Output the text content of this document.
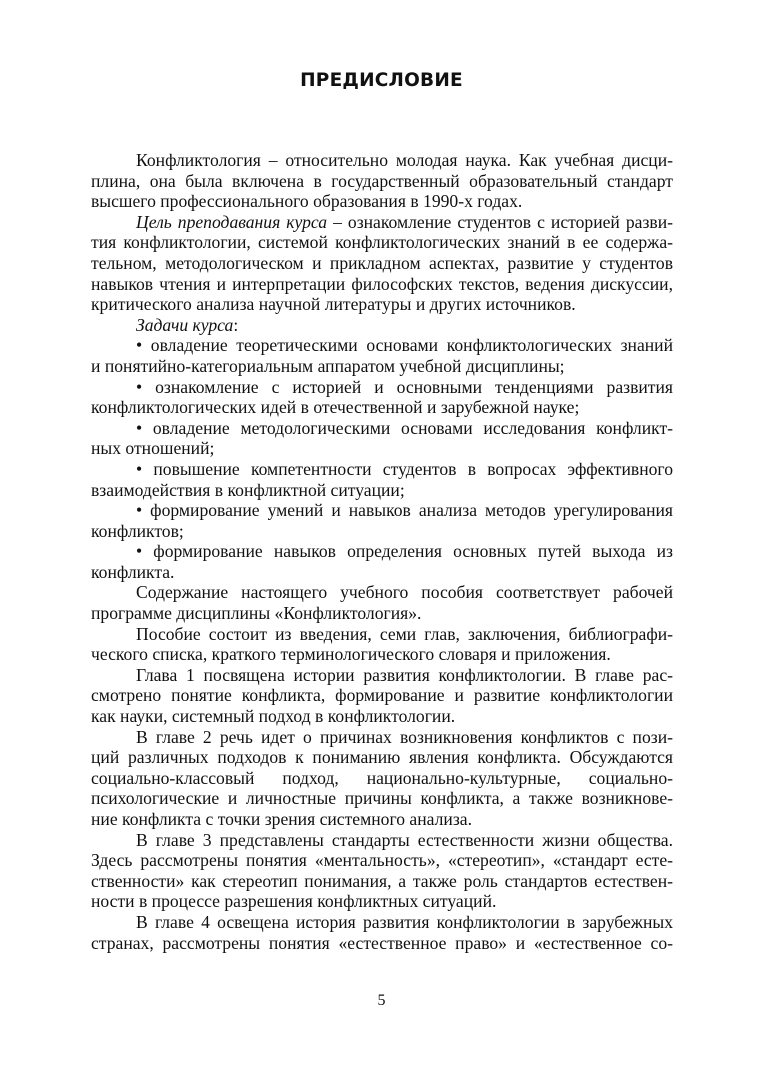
ПРЕДИСЛОВИЕ
Конфликтология – относительно молодая наука. Как учебная дисци-
плина, она была включена в государственный образовательный стандарт
высшего профессионального образования в 1990-х годах.
Цель преподавания курса – ознакомление студентов с историей разви-
тия конфликтологии, системой конфликтологических знаний в ее содержа-
тельном, методологическом и прикладном аспектах, развитие у студентов
навыков чтения и интерпретации философских текстов, ведения дискуссии,
критического анализа научной литературы и других источников.
Задачи курса:
• овладение теоретическими основами конфликтологических знаний
и понятийно-категориальным аппаратом учебной дисциплины;
• ознакомление с историей и основными тенденциями развития
конфликтологических идей в отечественной и зарубежной науке;
• овладение методологическими основами исследования конфликт-
ных отношений;
• повышение компетентности студентов в вопросах эффективного
взаимодействия в конфликтной ситуации;
• формирование умений и навыков анализа методов урегулирования
конфликтов;
• формирование навыков определения основных путей выхода из
конфликта.
Содержание настоящего учебного пособия соответствует рабочей
программе дисциплины «Конфликтология».
Пособие состоит из введения, семи глав, заключения, библиографи-
ческого списка, краткого терминологического словаря и приложения.
Глава 1 посвящена истории развития конфликтологии. В главе рас-
смотрено понятие конфликта, формирование и развитие конфликтологии
как науки, системный подход в конфликтологии.
В главе 2 речь идет о причинах возникновения конфликтов с пози-
ций различных подходов к пониманию явления конфликта. Обсуждаются
социально-классовый подход, национально-культурные, социально-
психологические и личностные причины конфликта, а также возникнове-
ние конфликта с точки зрения системного анализа.
В главе 3 представлены стандарты естественности жизни общества.
Здесь рассмотрены понятия «ментальность», «стереотип», «стандарт есте-
ственности» как стереотип понимания, а также роль стандартов естествен-
ности в процессе разрешения конфликтных ситуаций.
В главе 4 освещена история развития конфликтологии в зарубежных
странах, рассмотрены понятия «естественное право» и «естественное со-
5
